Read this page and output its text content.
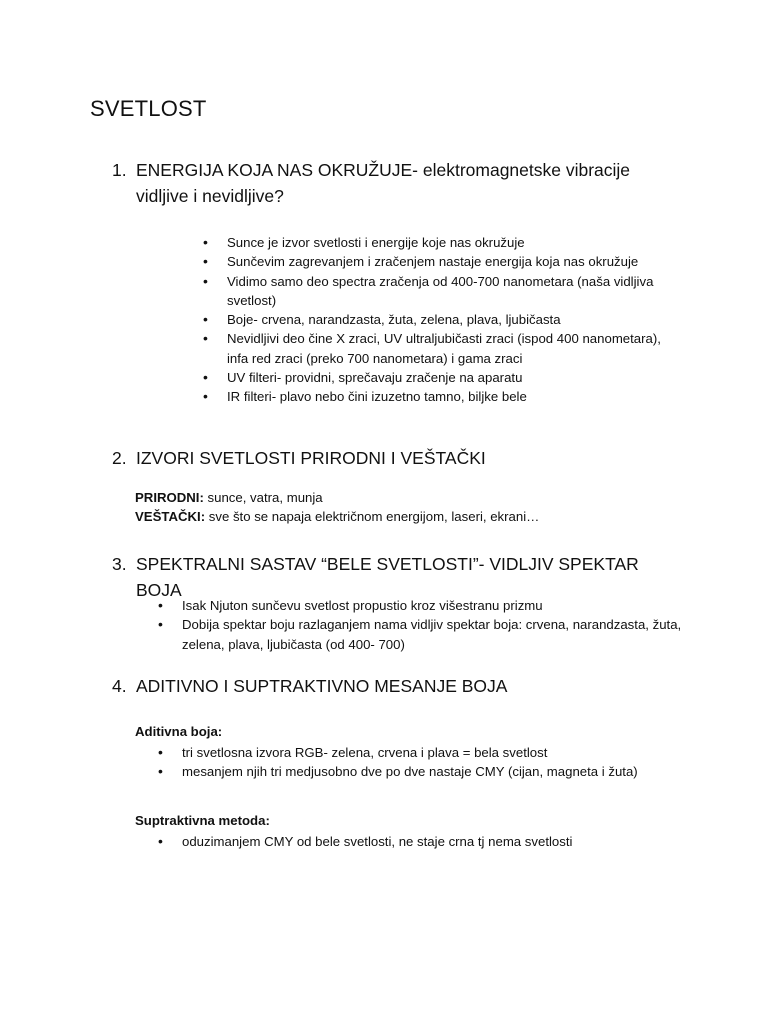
SVETLOST
1. ENERGIJA KOJA NAS OKRUŽUJE- elektromagnetske vibracije vidljive i nevidljive?
• Sunce je izvor svetlosti i energije koje nas okružuje
• Sunčevim zagrevanjem i zračenjem nastaje energija koja nas okružuje
• Vidimo samo deo spectra zračenja od 400-700 nanometara (naša vidljiva svetlost)
• Boje- crvena, narandzasta, žuta, zelena, plava, ljubičasta
• Nevidljivi deo čine X zraci, UV ultraljubičasti zraci (ispod 400 nanometara), infa red zraci (preko 700 nanometara) i gama zraci
• UV filteri- providni, sprečavaju zračenje na aparatu
• IR filteri- plavo nebo čini izuzetno tamno, biljke bele
2. IZVORI SVETLOSTI PRIRODNI I VEŠTAČKI

PRIRODNI: sunce, vatra, munja

VEŠTAČKI: sve što se napaja električnom energijom, laseri, ekrani…

3. SPEKTRALNI SASTAV “BELE SVETLOSTI”- VIDLJIV SPEKTAR BOJA
• Isak Njuton sunčevu svetlost propustio kroz višestranu prizmu
• Dobija spektar boju razlaganjem nama vidljiv spektar boja: crvena, narandzasta, žuta, zelena, plava, ljubičasta (od 400- 700)
4. ADITIVNO I SUPTRAKTIVNO MESANJE BOJA

Aditivna boja:

• tri svetlosna izvora RGB- zelena, crvena i plava = bela svetlost
• mesanjem njih tri medjusobno dve po dve nastaje CMY (cijan, magneta i žuta)

Suptraktivna metoda:

• oduzimanjem CMY od bele svetlosti, ne staje crna tj nema svetlosti
